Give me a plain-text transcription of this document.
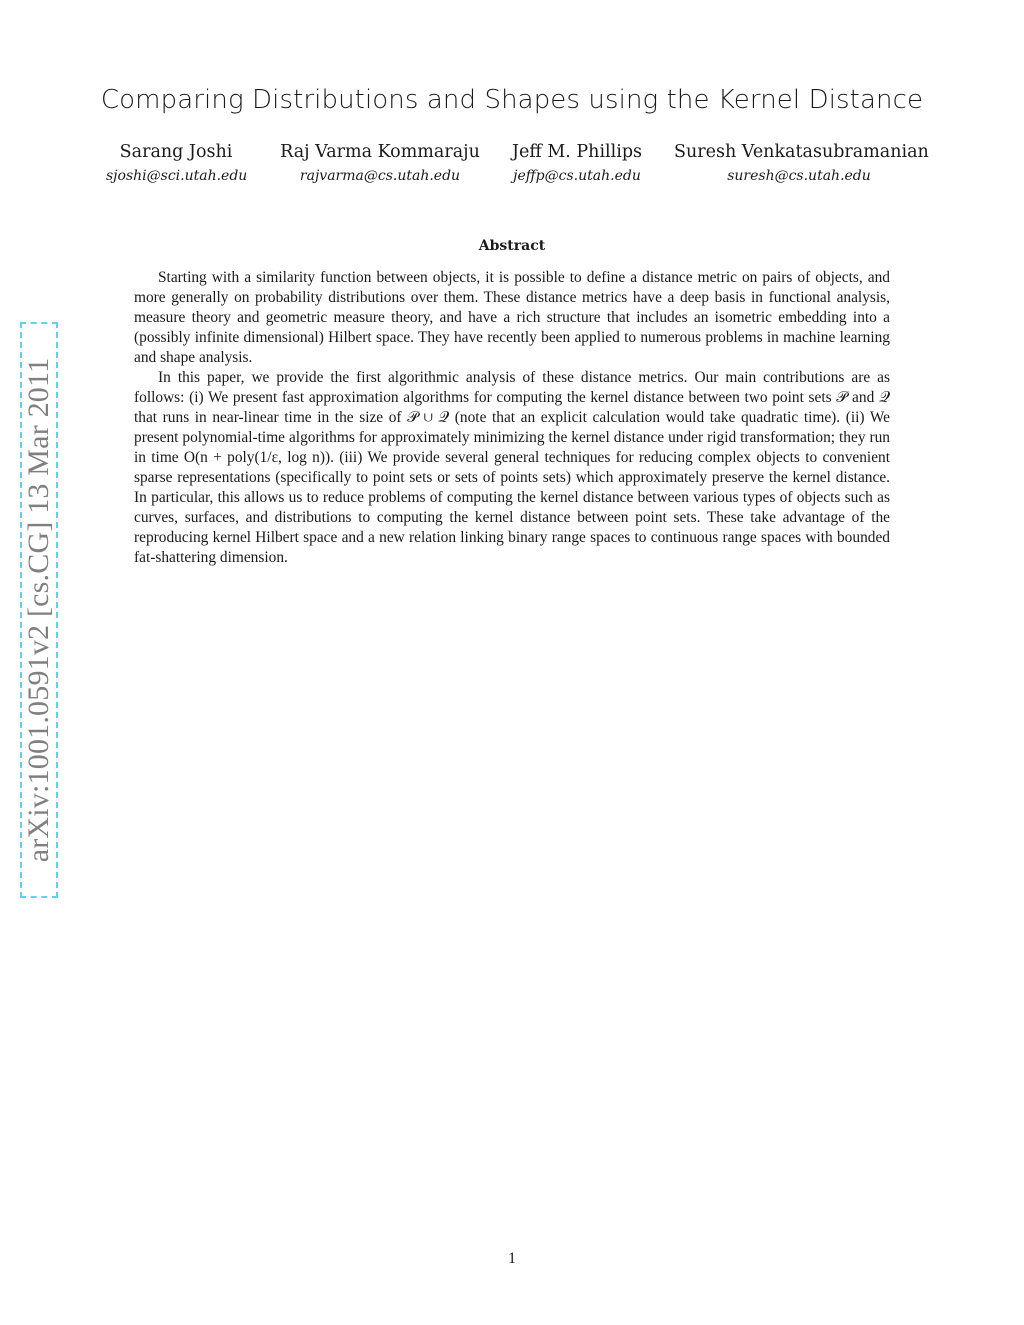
arXiv:1001.0591v2 [cs.CG] 13 Mar 2011
Comparing Distributions and Shapes using the Kernel Distance
Sarang Joshi
sjoshi@sci.utah.edu
Raj Varma Kommaraju
rajvarma@cs.utah.edu
Jeff M. Phillips
jeffp@cs.utah.edu
Suresh Venkatasubramanian
suresh@cs.utah.edu
Abstract

Starting with a similarity function between objects, it is possible to define a distance metric on pairs of objects, and more generally on probability distributions over them. These distance metrics have a deep basis in functional analysis, measure theory and geometric measure theory, and have a rich structure that includes an isometric embedding into a (possibly infinite dimensional) Hilbert space. They have recently been applied to numerous problems in machine learning and shape analysis.

In this paper, we provide the first algorithmic analysis of these distance metrics. Our main contributions are as follows: (i) We present fast approximation algorithms for computing the kernel distance between two point sets 𝒫 and 𝒬 that runs in near-linear time in the size of 𝒫 ∪ 𝒬 (note that an explicit calculation would take quadratic time). (ii) We present polynomial-time algorithms for approximately minimizing the kernel distance under rigid transformation; they run in time O(n + poly(1/ε, log n)). (iii) We provide several general techniques for reducing complex objects to convenient sparse representations (specifically to point sets or sets of points sets) which approximately preserve the kernel distance. In particular, this allows us to reduce problems of computing the kernel distance between various types of objects such as curves, surfaces, and distributions to computing the kernel distance between point sets. These take advantage of the reproducing kernel Hilbert space and a new relation linking binary range spaces to continuous range spaces with bounded fat-shattering dimension.

1
